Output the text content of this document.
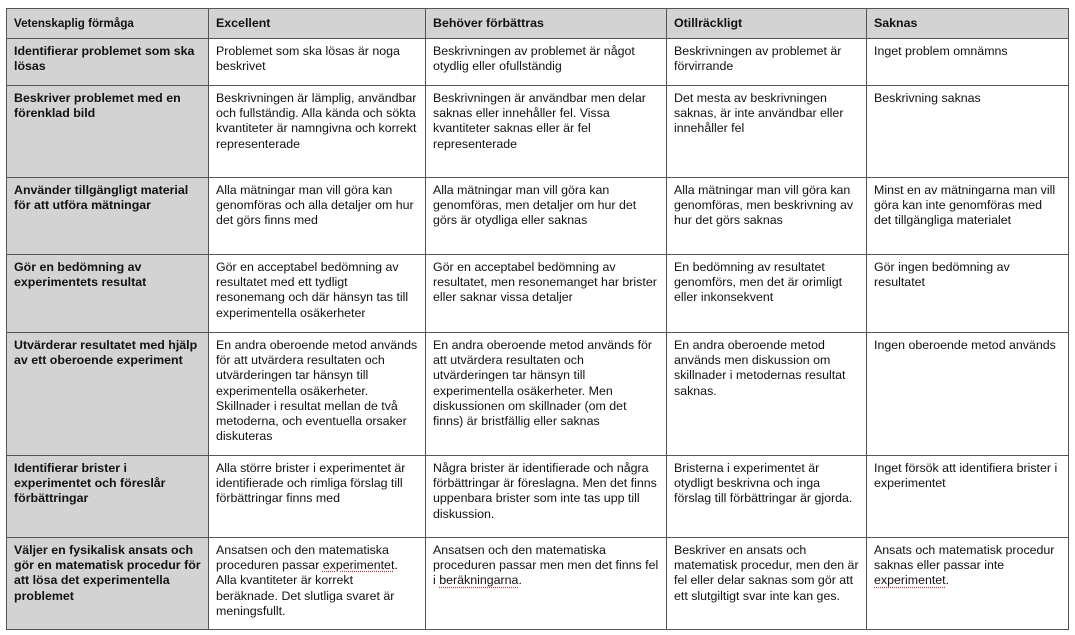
Vetenskaplig förmåga	Excellent	Behöver förbättras	Otillräckligt	Saknas
Identifierar problemet som ska lösas	Problemet som ska lösas är noga beskrivet	Beskrivningen av problemet är något otydlig eller ofullständig	Beskrivningen av problemet är förvirrande	Inget problem omnämns
Beskriver problemet med en förenklad bild	Beskrivningen är lämplig, användbar och fullständig. Alla kända och sökta kvantiteter är namngivna och korrekt representerade	Beskrivningen är användbar men delar saknas eller innehåller fel. Vissa kvantiteter saknas eller är fel representerade	Det mesta av beskrivningen saknas, är inte användbar eller innehåller fel	Beskrivning saknas
Använder tillgängligt material för att utföra mätningar	Alla mätningar man vill göra kan genomföras och alla detaljer om hur det görs finns med	Alla mätningar man vill göra kan genomföras, men detaljer om hur det görs är otydliga eller saknas	Alla mätningar man vill göra kan genomföras, men beskrivning av hur det görs saknas	Minst en av mätningarna man vill göra kan inte genomföras med det tillgängliga materialet
Gör en bedömning av experimentets resultat	Gör en acceptabel bedömning av resultatet med ett tydligt resonemang och där hänsyn tas till experimentella osäkerheter	Gör en acceptabel bedömning av resultatet, men resonemanget har brister eller saknar vissa detaljer	En bedömning av resultatet genomförs, men det är orimligt eller inkonsekvent	Gör ingen bedömning av resultatet
Utvärderar resultatet med hjälp av ett oberoende experiment	En andra oberoende metod används för att utvärdera resultaten och utvärderingen tar hänsyn till experimentella osäkerheter. Skillnader i resultat mellan de två metoderna, och eventuella orsaker diskuteras	En andra oberoende metod används för att utvärdera resultaten och utvärderingen tar hänsyn till experimentella osäkerheter. Men diskussionen om skillnader (om det finns) är bristfällig eller saknas	En andra oberoende metod används men diskussion om skillnader i metodernas resultat saknas.	Ingen oberoende metod används
Identifierar brister i experimentet och föreslår förbättringar	Alla större brister i experimentet är identifierade och rimliga förslag till förbättringar finns med	Några brister är identifierade och några förbättringar är föreslagna. Men det finns uppenbara brister som inte tas upp till diskussion.	Bristerna i experimentet är otydligt beskrivna och inga förslag till förbättringar är gjorda.	Inget försök att identifiera brister i experimentet
Väljer en fysikalisk ansats och gör en matematisk procedur för att lösa det experimentella problemet	Ansatsen och den matematiska proceduren passar experimentet. Alla kvantiteter är korrekt beräknade. Det slutliga svaret är meningsfullt.	Ansatsen och den matematiska proceduren passar men men det finns fel i beräkningarna.	Beskriver en ansats och matematisk procedur, men den är fel eller delar saknas som gör att ett slutgiltigt svar inte kan ges.	Ansats och matematisk procedur saknas eller passar inte experimentet.
